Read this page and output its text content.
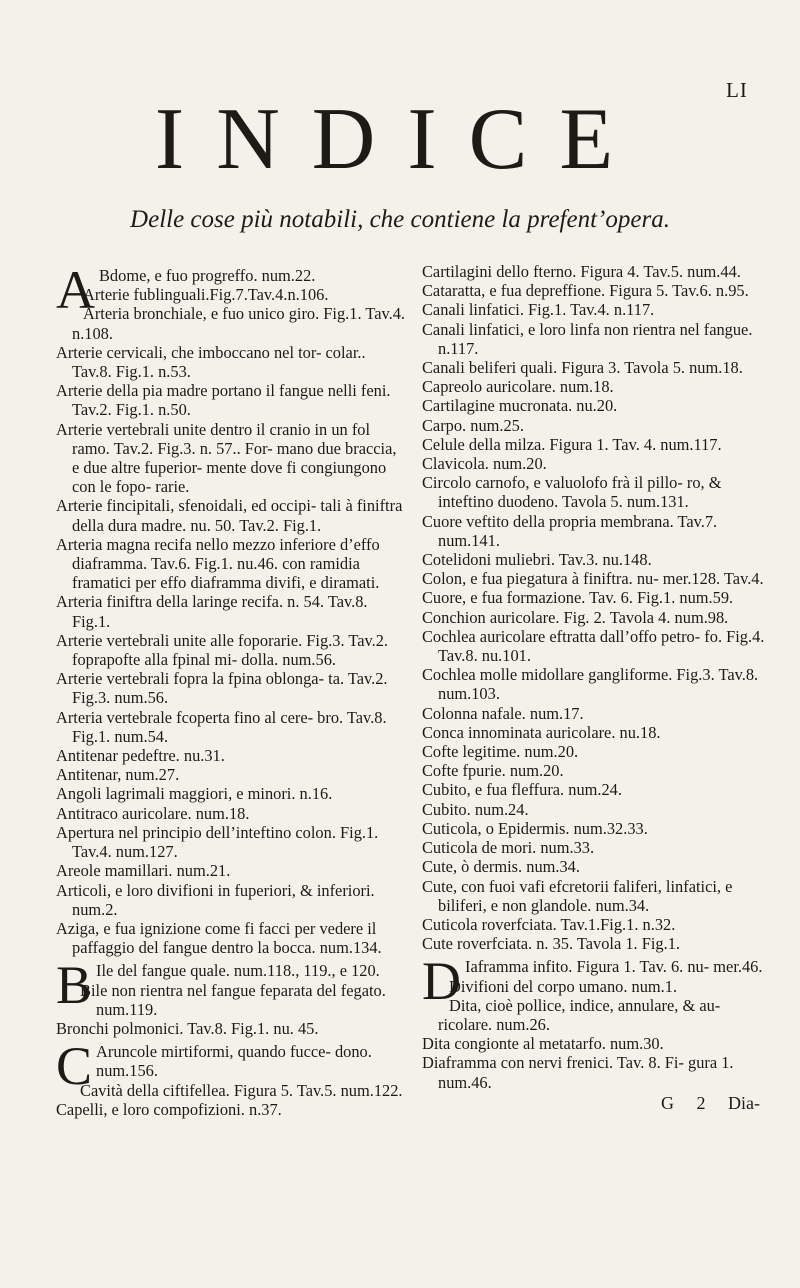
LI
INDICE
Delle cose più notabili, che contiene la prefent’opera.
A Bdome, e fuo progreffo. num.22.
Arterie fublinguali.Fig.7.Tav.4.n.106.
Arteria bronchiale, e fuo unico giro. Fig.1. Tav.4. n.108.
Arterie cervicali, che imboccano nel tor- colar.. Tav.8. Fig.1. n.53.
Arterie della pia madre portano il fangue nelli feni. Tav.2. Fig.1. n.50.
Arterie vertebrali unite dentro il cranio in un fol ramo. Tav.2. Fig.3. n. 57.. For- mano due braccia, e due altre fuperior- mente dove fi congiungono con le fopo- rarie.
Arterie fincipitali, sfenoidali, ed occipi- tali à finiftra della dura madre. nu. 50. Tav.2. Fig.1.
Arteria magna recifa nello mezzo inferiore d’effo diaframma. Tav.6. Fig.1. nu.46. con ramidia framatici per effo diaframma divifi, e diramati.
Arteria finiftra della laringe recifa. n. 54. Tav.8. Fig.1.
Arterie vertebrali unite alle foporarie. Fig.3. Tav.2. foprapofte alla fpinal mi- dolla. num.56.
Arterie vertebrali fopra la fpina oblonga- ta. Tav.2. Fig.3. num.56.
Arteria vertebrale fcoperta fino al cere- bro. Tav.8. Fig.1. num.54.
Antitenar pedeftre. nu.31.
Antitenar, num.27.
Angoli lagrimali maggiori, e minori. n.16.
Antitraco auricolare. num.18.
Apertura nel principio dell’inteftino colon. Fig.1. Tav.4. num.127.
Areole mamillari. num.21.
Articoli, e loro divifioni in fuperiori, & inferiori. num.2.
Aziga, e fua ignizione come fi facci per vedere il paffaggio del fangue dentro la bocca. num.134.
B Ile del fangue quale. num.118., 119., e 120.
Bile non rientra nel fangue feparata del fegato. num.119.
Bronchi polmonici. Tav.8. Fig.1. nu. 45.
C Aruncole mirtiformi, quando fucce- dono. num.156.
Cavità della ciftifellea. Figura 5. Tav.5. num.122.
Capelli, e loro compofizioni. n.37.
Cartilagini dello fterno. Figura 4. Tav.5. num.44.
Cataratta, e fua depreffione. Figura 5. Tav.6. n.95.
Canali linfatici. Fig.1. Tav.4. n.117.
Canali linfatici, e loro linfa non rientra nel fangue. n.117.
Canali beliferi quali. Figura 3. Tavola 5. num.18.
Capreolo auricolare. num.18.
Cartilagine mucronata. nu.20.
Carpo. num.25.
Celule della milza. Figura 1. Tav. 4. num.117.
Clavicola. num.20.
Circolo carnofo, e valuolofo frà il pillo- ro, & inteftino duodeno. Tavola 5. num.131.
Cuore veftito della propria membrana. Tav.7. num.141.
Cotelidoni muliebri. Tav.3. nu.148.
Colon, e fua piegatura à finiftra. nu- mer.128. Tav.4.
Cuore, e fua formazione. Tav. 6. Fig.1. num.59.
Conchion auricolare. Fig. 2. Tavola 4. num.98.
Cochlea auricolare eftratta dall’offo petro- fo. Fig.4. Tav.8. nu.101.
Cochlea molle midollare gangliforme. Fig.3. Tav.8. num.103.
Colonna nafale. num.17.
Conca innominata auricolare. nu.18.
Cofte legitime. num.20.
Cofte fpurie. num.20.
Cubito, e fua fleffura. num.24.
Cubito. num.24.
Cuticola, o Epidermis. num.32.33.
Cuticola de mori. num.33.
Cute, ò dermis. num.34.
Cute, con fuoi vafi efcretorii faliferi, linfatici, e biliferi, e non glandole. num.34.
Cuticola roverfciata. Tav.1.Fig.1. n.32.
Cute roverfciata. n. 35. Tavola 1. Fig.1.
D Iaframma infito. Figura 1. Tav. 6. nu- mer.46.
Divifioni del corpo umano. num.1.
Dita, cioè pollice, indice, annulare, & au- ricolare. num.26.
Dita congionte al metatarfo. num.30.
Diaframma con nervi frenici. Tav. 8. Fi- gura 1. num.46.
G 2 Dia-
